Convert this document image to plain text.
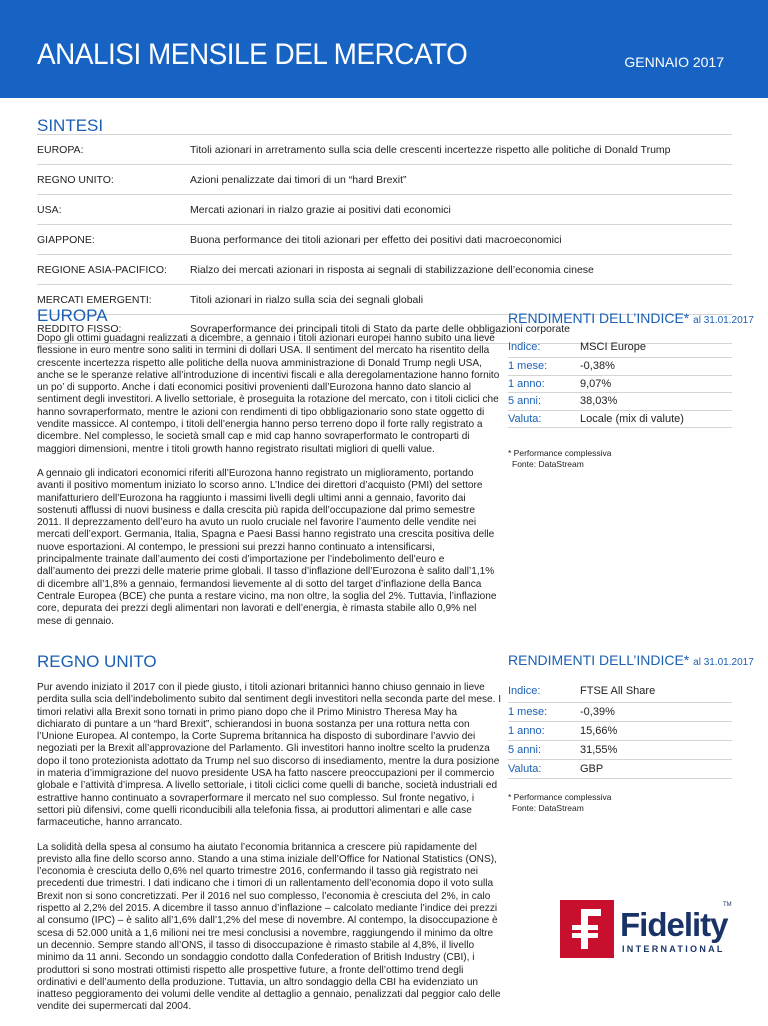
ANALISI MENSILE DEL MERCATO	GENNAIO 2017
SINTESI
EUROPA:	Titoli azionari in arretramento sulla scia delle crescenti incertezze rispetto alle politiche di Donald Trump
REGNO UNITO:	Azioni penalizzate dai timori di un “hard Brexit”
USA:	Mercati azionari in rialzo grazie ai positivi dati economici
GIAPPONE:	Buona performance dei titoli azionari per effetto dei positivi dati macroeconomici
REGIONE ASIA-PACIFICO:	Rialzo dei mercati azionari in risposta ai segnali di stabilizzazione dell’economia cinese
MERCATI EMERGENTI:	Titoli azionari in rialzo sulla scia dei segnali globali
REDDITO FISSO:	Sovraperformance dei principali titoli di Stato da parte delle obbligazioni corporate
EUROPA

Dopo gli ottimi guadagni realizzati a dicembre, a gennaio i titoli azionari europei hanno subito una lieve flessione in euro mentre sono saliti in termini di dollari USA. Il sentiment del mercato ha risentito della crescente incertezza rispetto alle politiche della nuova amministrazione di Donald Trump negli USA, anche se le speranze relative all’introduzione di incentivi fiscali e alla deregolamentazione hanno fornito un po’ di supporto. Anche i dati economici positivi provenienti dall’Eurozona hanno dato slancio al sentiment degli investitori. A livello settoriale, è proseguita la rotazione del mercato, con i titoli ciclici che hanno sovraperformato, mentre le azioni con rendimenti di tipo obbligazionario sono state oggetto di vendite massicce. Al contempo, i titoli dell’energia hanno perso terreno dopo il forte rally registrato a dicembre. Nel complesso, le società small cap e mid cap hanno sovraperformato le controparti di maggiori dimensioni, mentre i titoli growth hanno registrato risultati migliori di quelli value.

A gennaio gli indicatori economici riferiti all’Eurozona hanno registrato un miglioramento, portando avanti il positivo momentum iniziato lo scorso anno. L’Indice dei direttori d’acquisto (PMI) del settore manifatturiero dell’Eurozona ha raggiunto i massimi livelli degli ultimi anni a gennaio, favorito dai sostenuti afflussi di nuovi business e dalla crescita più rapida dell’occupazione dal primo semestre 2011. Il deprezzamento dell’euro ha avuto un ruolo cruciale nel favorire l’aumento delle vendite nei mercati dell’export. Germania, Italia, Spagna e Paesi Bassi hanno registrato una crescita positiva delle nuove esportazioni. Al contempo, le pressioni sui prezzi hanno continuato a intensificarsi, principalmente trainate dall’aumento dei costi d’importazione per l’indebolimento dell’euro e dall’aumento dei prezzi delle materie prime globali. Il tasso d’inflazione dell’Eurozona è salito dall’1,1% di dicembre all’1,8% a gennaio, fermandosi lievemente al di sotto del target d’inflazione della Banca Centrale Europea (BCE) che punta a restare vicino, ma non oltre, la soglia del 2%. Tuttavia, l’inflazione core, depurata dei prezzi degli alimentari non lavorati e dell’energia, è rimasta stabile allo 0,9% nel mese di gennaio.

RENDIMENTI DELL’INDICE* al 31.01.2017
Indice:	MSCI Europe
1 mese:	-0,38%
1 anno:	9,07%
5 anni:	38,03%
Valuta:	Locale (mix di valute)
* Performance complessiva
Fonte: DataStream
REGNO UNITO

Pur avendo iniziato il 2017 con il piede giusto, i titoli azionari britannici hanno chiuso gennaio in lieve perdita sulla scia dell’indebolimento subito dal sentiment degli investitori nella seconda parte del mese. I timori relativi alla Brexit sono tornati in primo piano dopo che il Primo Ministro Theresa May ha dichiarato di puntare a un “hard Brexit”, schierandosi in buona sostanza per una rottura netta con l’Unione Europea. Al contempo, la Corte Suprema britannica ha disposto di subordinare l’avvio dei negoziati per la Brexit all’approvazione del Parlamento. Gli investitori hanno inoltre scelto la prudenza dopo il tono protezionista adottato da Trump nel suo discorso di insediamento, mentre la dura posizione in materia d’immigrazione del nuovo presidente USA ha fatto nascere preoccupazioni per il commercio globale e l’attività d’impresa. A livello settoriale, i titoli ciclici come quelli di banche, società industriali ed estrattive hanno continuato a sovraperformare il mercato nel suo complesso. Sul fronte negativo, i settori più difensivi, come quelli riconducibili alla telefonia fissa, ai produttori alimentari e alle case farmaceutiche, hanno arrancato.

La solidità della spesa al consumo ha aiutato l’economia britannica a crescere più rapidamente del previsto alla fine dello scorso anno. Stando a una stima iniziale dell’Office for National Statistics (ONS), l’economia è cresciuta dello 0,6% nel quarto trimestre 2016, confermando il tasso già registrato nei precedenti due trimestri. I dati indicano che i timori di un rallentamento dell’economia dopo il voto sulla Brexit non si sono concretizzati. Per il 2016 nel suo complesso, l’economia è cresciuta del 2%, in calo rispetto al 2,2% del 2015. A dicembre il tasso annuo d’inflazione – calcolato mediante l’indice dei prezzi al consumo (IPC) – è salito all’1,6% dall’1,2% del mese di novembre. Al contempo, la disoccupazione è scesa di 52.000 unità a 1,6 milioni nei tre mesi conclusisi a novembre, raggiungendo il minimo da oltre un decennio. Sempre stando all’ONS, il tasso di disoccupazione è rimasto stabile al 4,8%, il livello minimo da 11 anni. Secondo un sondaggio condotto dalla Confederation of British Industry (CBI), i produttori si sono mostrati ottimisti rispetto alle prospettive future, a fronte dell’ottimo trend degli ordinativi e dell’aumento della produzione. Tuttavia, un altro sondaggio della CBI ha evidenziato un inatteso peggioramento dei volumi delle vendite al dettaglio a gennaio, penalizzati dal peggior calo delle vendite dei supermercati dal 2004.

RENDIMENTI DELL’INDICE* al 31.01.2017
Indice:	FTSE All Share
1 mese:	-0,39%
1 anno:	15,66%
5 anni:	31,55%
Valuta:	GBP
* Performance complessiva
Fonte: DataStream
Fidelity
TM
INTERNATIONAL
